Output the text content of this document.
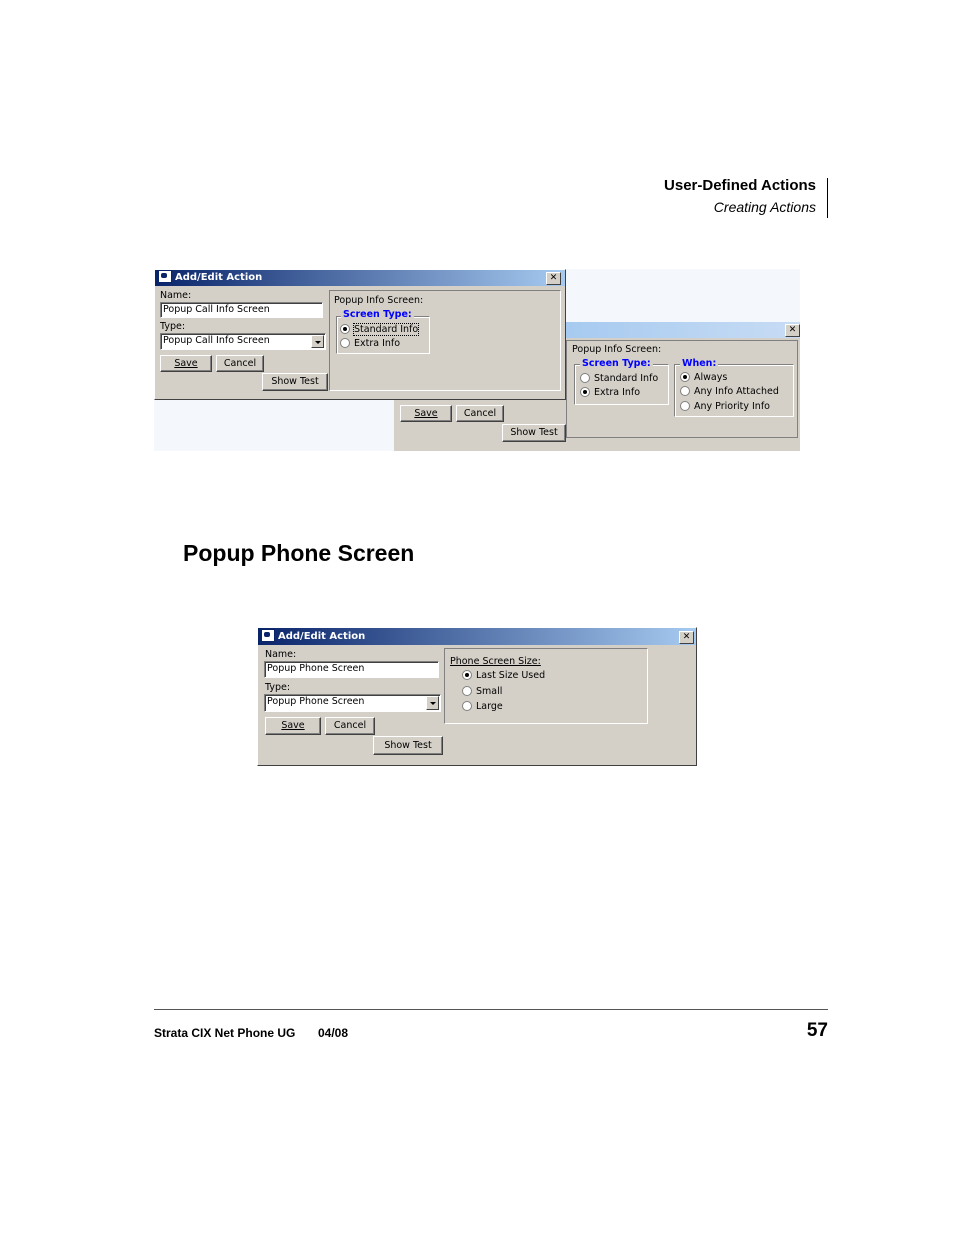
User-Defined Actions
Creating Actions
✕
Popup Info Screen:
Screen Type:
Standard Info
Extra Info
When:
Always
Any Info Attached
Any Priority Info
Save	Cancel
Show Test
Add/Edit Action	✕
Name:
Popup Call Info Screen
Type:
Popup Call Info Screen
Save	Cancel
Show Test
Popup Info Screen:
Screen Type:
Standard Info
Extra Info
Popup Phone Screen
Add/Edit Action	✕
Name:
Popup Phone Screen
Type:
Popup Phone Screen
Save	Cancel
Show Test
Phone Screen Size:
Last Size Used
Small
Large
Strata CIX Net Phone UG 04/08	57
